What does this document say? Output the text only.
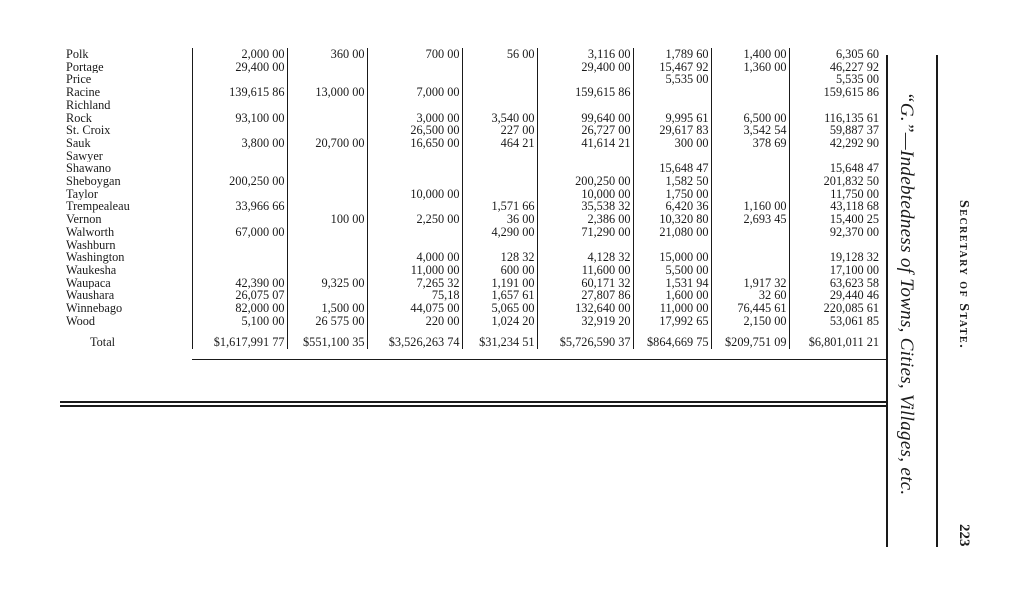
Polk	2,000 00	360 00	700 00	56 00	3,116 00	1,789 60	1,400 00	6,305 60
Portage	29,400 00				29,400 00	15,467 92	1,360 00	46,227 92
Price						5,535 00		5,535 00
Racine	139,615 86	13,000 00	7,000 00		159,615 86			159,615 86
Richland								
Rock	93,100 00		3,000 00	3,540 00	99,640 00	9,995 61	6,500 00	116,135 61
St. Croix			26,500 00	227 00	26,727 00	29,617 83	3,542 54	59,887 37
Sauk	3,800 00	20,700 00	16,650 00	464 21	41,614 21	300 00	378 69	42,292 90
Sawyer								
Shawano						15,648 47		15,648 47
Sheboygan	200,250 00				200,250 00	1,582 50		201,832 50
Taylor			10,000 00		10,000 00	1,750 00		11,750 00
Trempealeau	33,966 66			1,571 66	35,538 32	6,420 36	1,160 00	43,118 68
Vernon		100 00	2,250 00	36 00	2,386 00	10,320 80	2,693 45	15,400 25
Walworth	67,000 00			4,290 00	71,290 00	21,080 00		92,370 00
Washburn								
Washington			4,000 00	128 32	4,128 32	15,000 00		19,128 32
Waukesha			11,000 00	600 00	11,600 00	5,500 00		17,100 00
Waupaca	42,390 00	9,325 00	7,265 32	1,191 00	60,171 32	1,531 94	1,917 32	63,623 58
Waushara	26,075 07		75,18	1,657 61	27,807 86	1,600 00	32 60	29,440 46
Winnebago	82,000 00	1,500 00	44,075 00	5,065 00	132,640 00	11,000 00	76,445 61	220,085 61
Wood	5,100 00	26 575 00	220 00	1,024 20	32,919 20	17,992 65	2,150 00	53,061 85
Total	$1,617,991 77	$551,100 35	$3,526,263 74	$31,234 51	$5,726,590 37	$864,669 75	$209,751 09	$6,801,011 21 “G.”—Indebtedness of Towns, Cities, Villages, etc.	Secretary of State.
223
